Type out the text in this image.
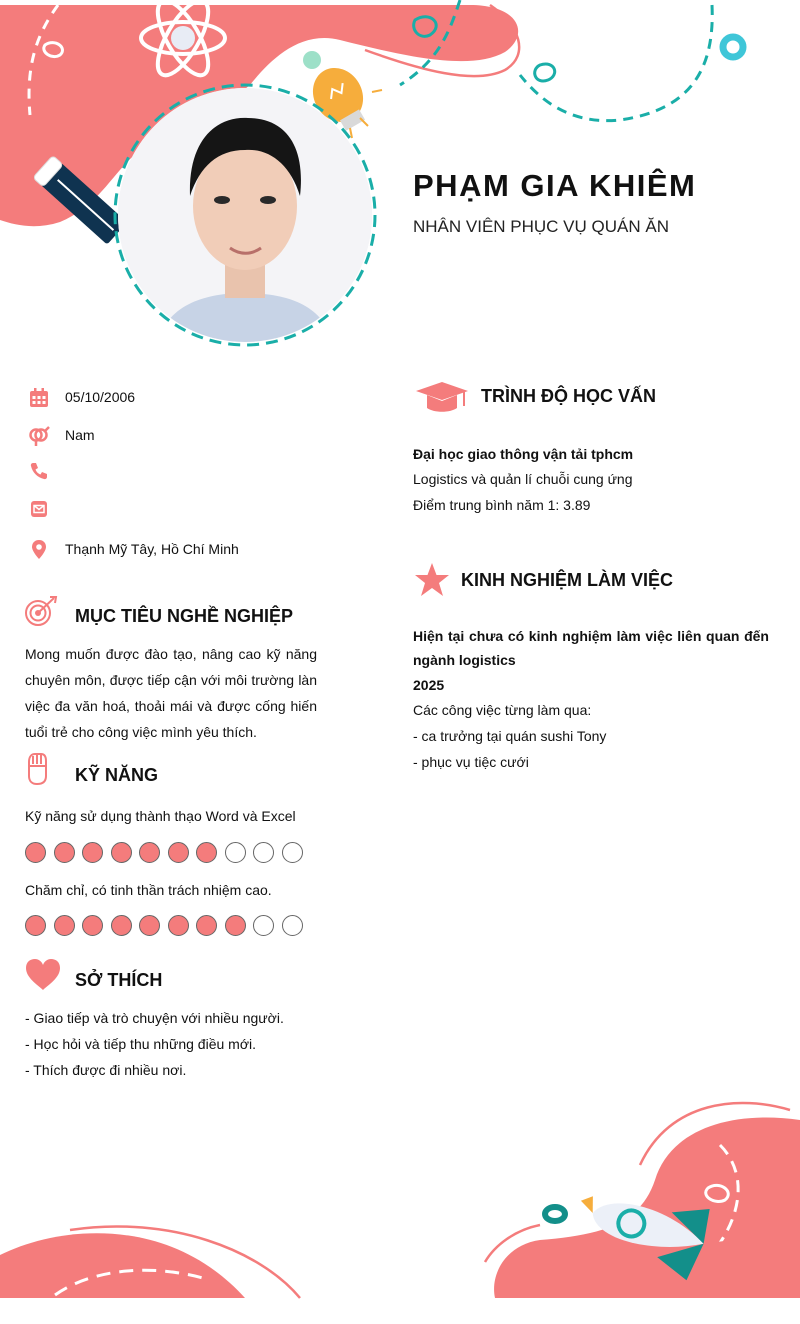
PHẠM GIA KHIÊM
NHÂN VIÊN PHỤC VỤ QUÁN ĂN
05/10/2006
Nam
Thạnh Mỹ Tây, Hồ Chí Minh
MỤC TIÊU NGHỀ NGHIỆP
Mong muốn được đào tạo, nâng cao kỹ năng chuyên môn, được tiếp cận với môi trường làn việc đa văn hoá, thoải mái và được cống hiến tuổi trẻ cho công việc mình yêu thích.
KỸ NĂNG
Kỹ năng sử dụng thành thạo Word và Excel
Chăm chỉ, có tinh thần trách nhiệm cao.
SỞ THÍCH
- Giao tiếp và trò chuyện với nhiều người.
- Học hỏi và tiếp thu những điều mới.
- Thích được đi nhiều nơi.
TRÌNH ĐỘ HỌC VẤN
Đại học giao thông vận tải tphcm
Logistics và quản lí chuỗi cung ứng
Điểm trung bình năm 1: 3.89
KINH NGHIỆM LÀM VIỆC
Hiện tại chưa có kinh nghiệm làm việc liên quan đến ngành logistics
2025
Các công việc từng làm qua:
- ca trưởng tại quán sushi Tony
- phục vụ tiệc cưới
